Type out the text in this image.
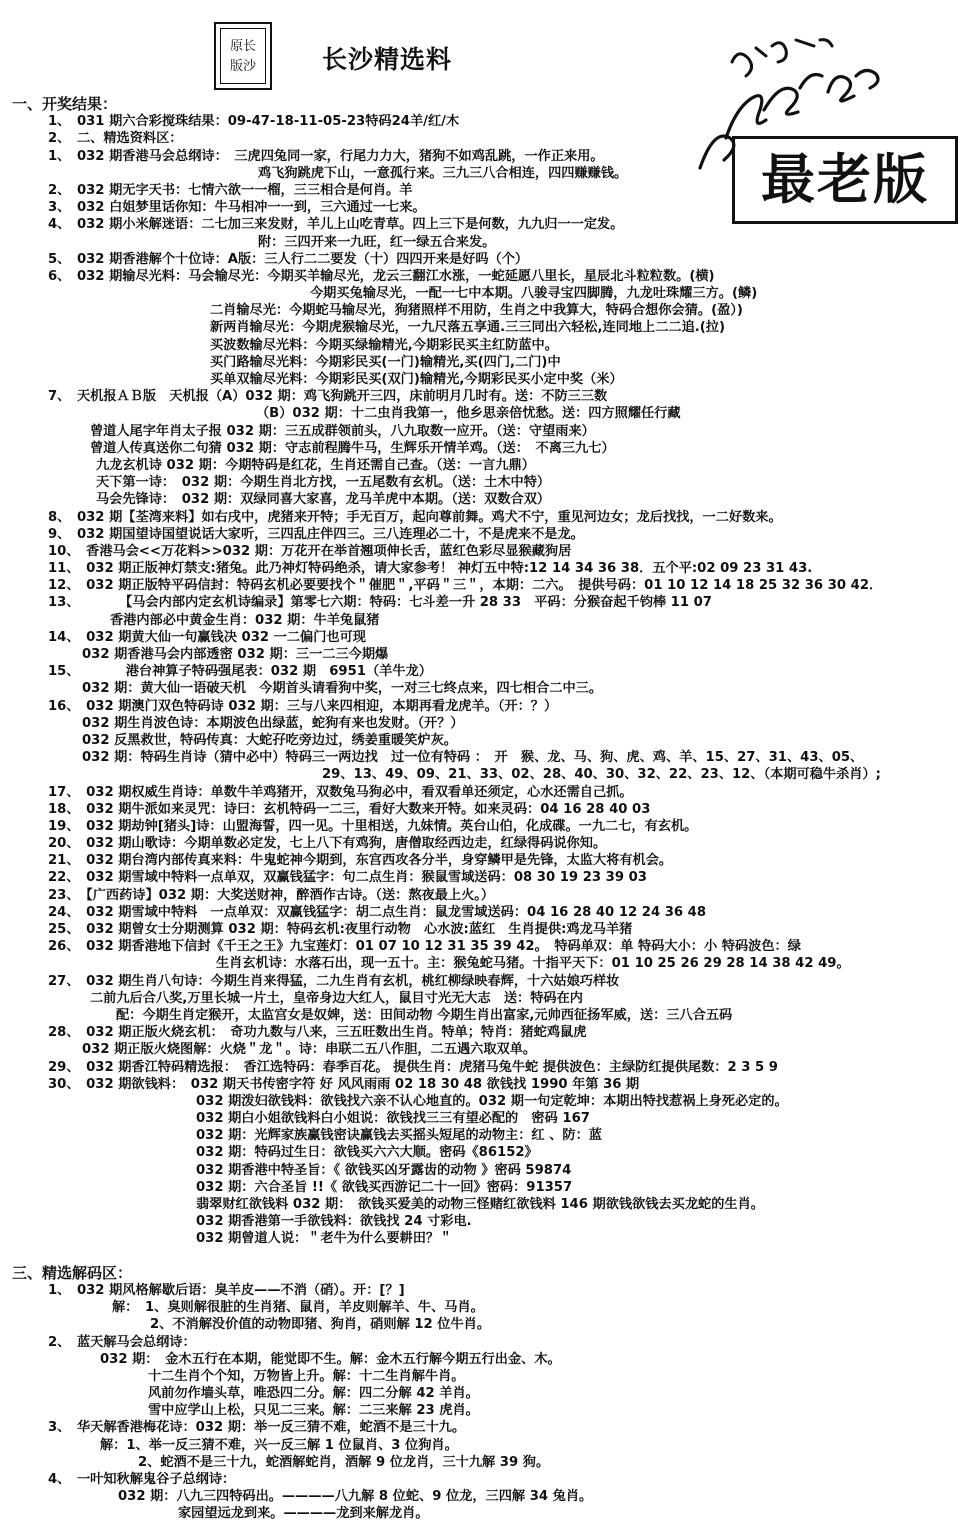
原长
版沙	长沙精选料
最老版
一、开奖结果：
1、　031 期六合彩搅珠结果：09-47-18-11-05-23特码24羊/红/木
2、　二、精选资料区：
1、　032 期香港马会总纲诗：　三虎四兔同一家，行尾力力大，猪狗不如鸡乱跳，一作正来用。
鸡飞狗跳虎下山，一意孤行来。三九三八合相连，四四赚赚钱。
2、　032 期无字天书：七情六欲一一榴，三三相合是何肖。羊
3、　032 白姐梦里话你知：牛马相冲一一到，三六通过一七来。
4、　032 期小米解迷语：二七加三来发财，羊儿上山吃青草。四上三下是何数，九九归一一定发。
附：三四开来一九旺，红一绿五合来发。
5、　032 期香港解个十位诗：A版：三人行二二要发（十）四四开来是好吗（个）
6、　032 期输尽光料：马会输尽光：今期买羊输尽光，龙云三翻江水涨，一蛇延愿八里长，星辰北斗粒粒数。(横)
今期买兔输尽光，一配一七中本期。八骏寻宝四脚腾，九龙吐珠耀三方。(鳞)
二肖输尽光：今期蛇马输尽光，狗猪照样不用防，生肖之中我算大，特码合想你会猜。(盈）)
新两肖输尽光：今期虎猴输尽光，一九尺落五享通.三三同出六轻松,连同地上二二追.(拉)
买波数输尽光料：今期买绿输精光,今期彩民买主红防蓝中。
买门路输尽光料：今期彩民买(一门)输精光,买(四门,二门)中
买单双输尽光料：今期彩民买(双门)输精光,今期彩民买小定中奖（米）
7、　天机报ＡＢ版　天机报（A）032 期：鸡飞狗跳开三四，床前明月几时有。送：不防三三数
（B）032 期：十二虫肖我第一，他乡思亲倍忧愁。送：四方照耀任行藏
曾道人尾字年肖太子报 032 期：三五成群领前头，八九取数一应开。（送：守望雨来）
曾道人传真送你二句猜 032 期：守志前程腾牛马，生辉乐开情羊鸡。（送：　不离三九七）
九龙玄机诗 032 期：今期特码是红花，生肖还需自己查。（送：一言九鼎）
天下第一诗：　032 期：今期生肖北方找，一五尾数有玄机。（送：土木中特）
马会先锋诗：　032 期：双绿同喜大家喜，龙马羊虎中本期。（送：双数合双）
8、　032 期【荃湾来料】如右戌中，虎猪来开特；手无百万，起向尊前舞。鸡犬不宁，重见河边女；龙后找找，一二好数来。
9、　032 期国望诗国望说话大家听，三四乱庄伴四三。三八连理必二十，不是虎来不是龙。
10、　香港马会<<万花料>>032 期：万花开在举首翘项伸长舌，蓝红色彩尽显猴藏狗居
11、　032 期正版神灯禁支:猪兔。此乃神灯特码绝杀，请大家参考！ 神灯五中特:12 14 34 36 38．五个平:02 09 23 31 43.
12、　032 期正版特平码信封：特码玄机必要要找个＂催肥＂,平码＂三＂，本期：二六。　提供号码：01 10 12 14 18 25 32 36 30 42．
13、　　　　【马会内部内定玄机诗编录】第零七六期：特码：七斗差一升 28 33　平码：分猴奋起千钧棒 11 07
香港内部必中黄金生肖：032 期：牛羊兔鼠猪
14、　032 期黄大仙一句赢钱决 032 一二偏门也可现
032 期香港马会内部透密 032 期：三一二三今期爆
15、　　　　港台神算子特码强尾表：032 期　6951（羊牛龙）
032 期：黄大仙一语破天机　今期首头请看狗中奖，一对三七终点来，四七相合二中三。
16、　032 期澳门双色特码诗 032 期：三与八来四相迎，本期再看龙虎羊。（开：？）
032 期生肖波色诗：本期波色出绿蓝，蛇狗有来也发财。（开？）
032 反黑救世，特码传真：大蛇孖吃旁边过，绣姜重暖笑炉灰。
032 期：特码生肖诗（猜中必中）特码三一两边找　过一位有特码 ：　开　猴、龙、马、狗、虎、鸡、羊、15、27、31、43、05、
29、13、49、09、21、33、02、28、40、30、32、22、23、12、（本期可稳牛杀肖）;
17、　032 期权威生肖诗：单数牛羊鸡猪开，双数兔马狗必中，看双看单还须定，心水还需自己抓。
18、　032 期牛派如来灵咒：诗曰：玄机特码一二三，看好大数来开特。如来灵码：04 16 28 40 03
19、　032 期劫钟[猪头]诗：山盟海誓，四一见。十里相送，九妹情。英台山伯，化成碟。一九二七，有玄机。
20、　032 期山歌诗：今期单数必定发，七上八下有鸡狗，唐僧取经西边走，红绿得码说你知。
21、　032 期台湾内部传真来料：牛鬼蛇神今期到，东宫西攻各分半，身穿鳞甲是先锋，太监大将有机会。
22、　032 期雪域中特料一点单双，双赢钱猛字：句二点生肖：猴鼠雪域送码：08 30 19 23 39 03
23、　【广西药诗】032 期：大奖送财神，醉酒作古诗。（送：熬夜最上火。）
24、　032 期雪域中特料　一点单双：双赢钱猛字：胡二点生肖：鼠龙雪域送码：04 16 28 40 12 24 36 48
25、　032 期曾女士分期测算 032 期：特码玄机:夜里行动物　心水波:蓝红　生肖提供:鸡龙马羊猪
26、　032 期香港地下信封《千王之王》九宝莲灯：01 07 10 12 31 35 39 42。　特码单双：单 特码大小：小 特码波色：绿
生肖玄机诗：水落石出，现一五十。主：猴兔蛇马猪。十指平天下：01 10 25 26 29 28 14 38 42 49。
27、　032 期生肖八句诗：今期生肖来得猛，二九生肖有玄机，桃红柳绿映春辉，十六姑娘巧样妆
二前九后合八奖,万里长城一片土，皇帝身边大红人，鼠目寸光无大志　送：特码在内
配：今期生肖定猴开，太监宫女是奴婢，送：田间动物 今期生肖出富家,元帅西征扬军威，送：三八合五码
28、　032 期正版火烧玄机：　奇功九数与八来，三五旺数出生肖。特单；特肖：猪蛇鸡鼠虎
032 期正版火烧图解：火烧＂龙＂。诗：串联二五八作胆，二五遇六取双单。
29、　032 期香江特码精选报：　香江选特码：春季百花。 提供生肖：虎猪马兔牛蛇 提供波色：主绿防红提供尾数：2 3 5 9
30、　032 期欲钱料：　032 期天书传密字符 好 风风雨雨 02 18 30 48 欲钱找 1990 年第 36 期
032 期泼妇欲钱料：欲钱找六亲不认心地直的。032 期一句定乾坤：本期出特找惹祸上身死必定的。
032 期白小姐欲钱料白小姐说：欲钱找三三有望必配的　密码 167
032 期：光辉家族赢钱密诀赢钱去买摇头短尾的动物主：红 、防：蓝
032 期：特码过生日：欲钱买六六大顺。密码《86152》
032 期香港中特圣旨：《 欲钱买凶牙露齿的动物 》密码 59874
032 期：六合圣旨 !!《 欲钱买西游记二十一回》密码：91357
翡翠财红欲钱料 032 期：　欲钱买爱美的动物三怪赌红欲钱料 146 期欲钱欲钱去买龙蛇的生肖。
032 期香港第一手欲钱料：欲钱找 24 寸彩电.
032 期曾道人说：＂老牛为什么要耕田？＂
三、精选解码区：
1、　032 期风格解歇后语：臭羊皮——不消（硝）。开：[？]
解：　1、臭则解很脏的生肖猪、鼠肖，羊皮则解羊、牛、马肖。
2、不消解没价值的动物即猪、狗肖，硝则解 12 位牛肖。
2、　蓝天解马会总纲诗：
032 期：　金木五行在本期，能觉即不生。解：金木五行解今期五行出金、木。
十二生肖个个知，万物皆上升。解：十二生肖解牛肖。
风前勿作墙头草，唯恐四二分。解：四二分解 42 羊肖。
雪中应学山上松，只见二三来。解：二三来解 23 虎肖。
3、　华天解香港梅花诗：032 期：举一反三猜不难，蛇酒不是三十九。
解：1、举一反三猜不难，兴一反三解 1 位鼠肖、3 位狗肖。
2、蛇酒不是三十九，蛇酒解蛇肖，酒解 9 位龙肖，三十九解 39 狗。
4、　一叶知秋解鬼谷子总纲诗：
032 期：八九三四特码出。————八九解 8 位蛇、9 位龙，三四解 34 兔肖。
家园望远龙到来。————龙到来解龙肖。
